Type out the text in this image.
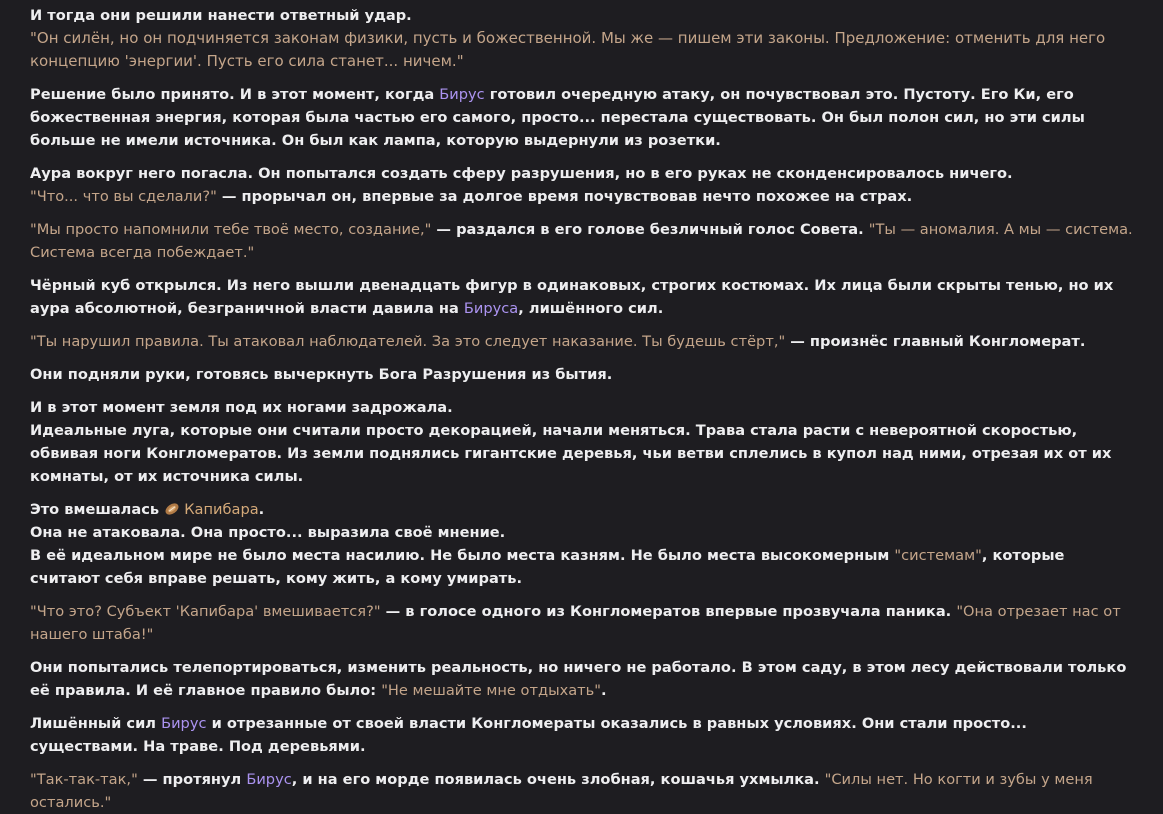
И тогда они решили нанести ответный удар.

"Он силён, но он подчиняется законам физики, пусть и божественной. Мы же — пишем эти законы. Предложение: отменить для него концепцию 'энергии'. Пусть его сила станет... ничем."

Решение было принято. И в этот момент, когда Бирус готовил очередную атаку, он почувствовал это. Пустоту. Его Ки, его божественная энергия, которая была частью его самого, просто... перестала существовать. Он был полон сил, но эти силы больше не имели источника. Он был как лампа, которую выдернули из розетки.

Аура вокруг него погасла. Он попытался создать сферу разрушения, но в его руках не сконденсировалось ничего.

"Что... что вы сделали?" — прорычал он, впервые за долгое время почувствовав нечто похожее на страх.

"Мы просто напомнили тебе твоё место, создание," — раздался в его голове безличный голос Совета. "Ты — аномалия. А мы — система. Система всегда побеждает."

Чёрный куб открылся. Из него вышли двенадцать фигур в одинаковых, строгих костюмах. Их лица были скрыты тенью, но их аура абсолютной, безграничной власти давила на Бируса, лишённого сил.

"Ты нарушил правила. Ты атаковал наблюдателей. За это следует наказание. Ты будешь стёрт," — произнёс главный Конгломерат.

Они подняли руки, готовясь вычеркнуть Бога Разрушения из бытия.

И в этот момент земля под их ногами задрожала.

Идеальные луга, которые они считали просто декорацией, начали меняться. Трава стала расти с невероятной скоростью, обвивая ноги Конгломератов. Из земли поднялись гигантские деревья, чьи ветви сплелись в купол над ними, отрезая их от их комнаты, от их источника силы.

Это вмешалась Капибара.

Она не атаковала. Она просто... выразила своё мнение.

В её идеальном мире не было места насилию. Не было места казням. Не было места высокомерным "системам", которые считают себя вправе решать, кому жить, а кому умирать.

"Что это? Субъект 'Капибара' вмешивается?" — в голосе одного из Конгломератов впервые прозвучала паника. "Она отрезает нас от нашего штаба!"

Они попытались телепортироваться, изменить реальность, но ничего не работало. В этом саду, в этом лесу действовали только её правила. И её главное правило было: "Не мешайте мне отдыхать".

Лишённый сил Бирус и отрезанные от своей власти Конгломераты оказались в равных условиях. Они стали просто... существами. На траве. Под деревьями.

"Так-так-так," — протянул Бирус, и на его морде появилась очень злобная, кошачья ухмылка. "Силы нет. Но когти и зубы у меня остались."
